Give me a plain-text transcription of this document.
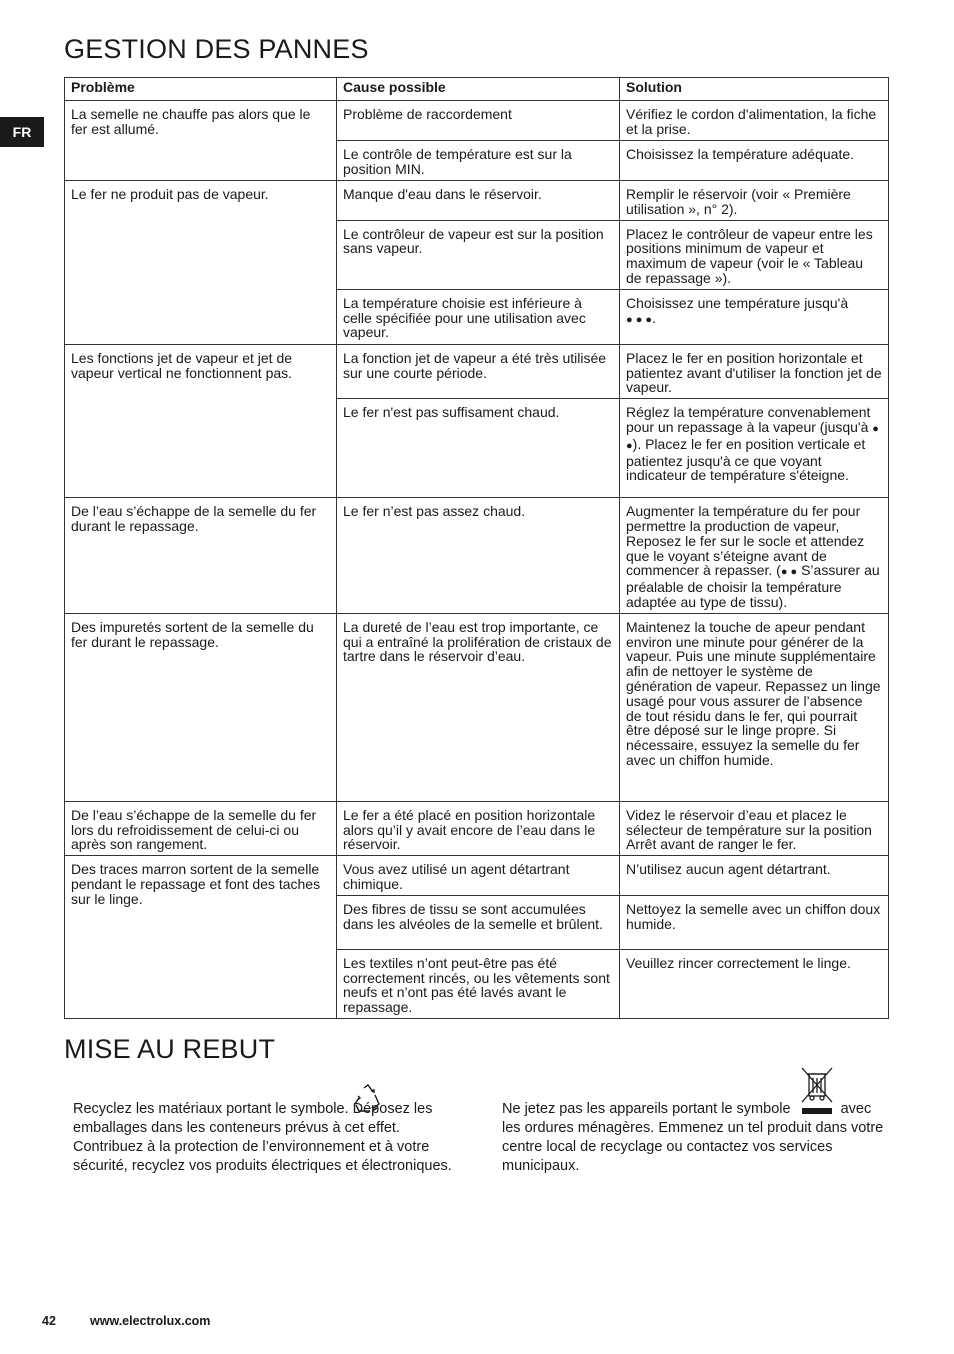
GESTION DES PANNES
FR
Problème	Cause possible	Solution
La semelle ne chauffe pas alors que le fer est allumé.	Problème de raccordement	Vérifiez le cordon d'alimentation, la fiche et la prise.
	Le contrôle de température est sur la position MIN.	Choisissez la température adéquate.
Le fer ne produit pas de vapeur.	Manque d'eau dans le réservoir.	Remplir le réservoir (voir « Première utilisation », n° 2).
	Le contrôleur de vapeur est sur la position sans vapeur.	Placez le contrôleur de vapeur entre les positions minimum de vapeur et maximum de vapeur (voir le « Tableau de repassage »).
	La température choisie est inférieure à celle spécifiée pour une utilisation avec vapeur.	Choisissez une température jusqu'à
● ● ●.
Les fonctions jet de vapeur et jet de vapeur vertical ne fonctionnent pas.	La fonction jet de vapeur a été très utilisée sur une courte période.	Placez le fer en position horizontale et patientez avant d'utiliser la fonction jet de vapeur.
	Le fer n'est pas suffisament chaud.	Réglez la température convenablement pour un repassage à la vapeur (jusqu'à ● ●). Placez le fer en position verticale et patientez jusqu'à ce que voyant indicateur de température s'éteigne.
De l’eau s’échappe de la semelle du fer durant le repassage.	Le fer n’est pas assez chaud.	Augmenter la température du fer pour permettre la production de vapeur, Reposez le fer sur le socle et attendez que le voyant s’éteigne avant de commencer à repasser. (● ● S’assurer au préalable de choisir la température adaptée au type de tissu).
Des impuretés sortent de la semelle du fer durant le repassage.	La dureté de l’eau est trop importante, ce qui a entraîné la prolifération de cristaux de tartre dans le réservoir d’eau.	Maintenez la touche de apeur pendant environ une minute pour générer de la vapeur. Puis une minute supplémentaire afin de nettoyer le système de génération de vapeur. Repassez un linge usagé pour vous assurer de l’absence de tout résidu dans le fer, qui pourrait être déposé sur le linge propre. Si nécessaire, essuyez la semelle du fer avec un chiffon humide.
De l’eau s’échappe de la semelle du fer lors du refroidissement de celui-ci ou après son rangement.	Le fer a été placé en position horizontale alors qu’il y avait encore de l’eau dans le réservoir.	Videz le réservoir d’eau et placez le sélecteur de température sur la position Arrêt avant de ranger le fer.
Des traces marron sortent de la semelle pendant le repassage et font des taches sur le linge.	Vous avez utilisé un agent détartrant chimique.	N’utilisez aucun agent détartrant.
	Des fibres de tissu se sont accumulées dans les alvéoles de la semelle et brûlent.	Nettoyez la semelle avec un chiffon doux humide.
	Les textiles n’ont peut-être pas été correctement rincés, ou les vêtements sont neufs et n’ont pas été lavés avant le repassage.	Veuillez rincer correctement le linge.
MISE AU REBUT
Recyclez les matériaux portant le symbole. Déposez les emballages dans les conteneurs prévus à cet effet. Contribuez à la protection de l’environnement et à votre sécurité, recyclez vos produits électriques et électroniques.
Ne jetez pas les appareils portant le symbole	avec les ordures ménagères. Emmenez un tel produit dans votre centre local de recyclage ou contactez vos services municipaux.
42	www.electrolux.com
